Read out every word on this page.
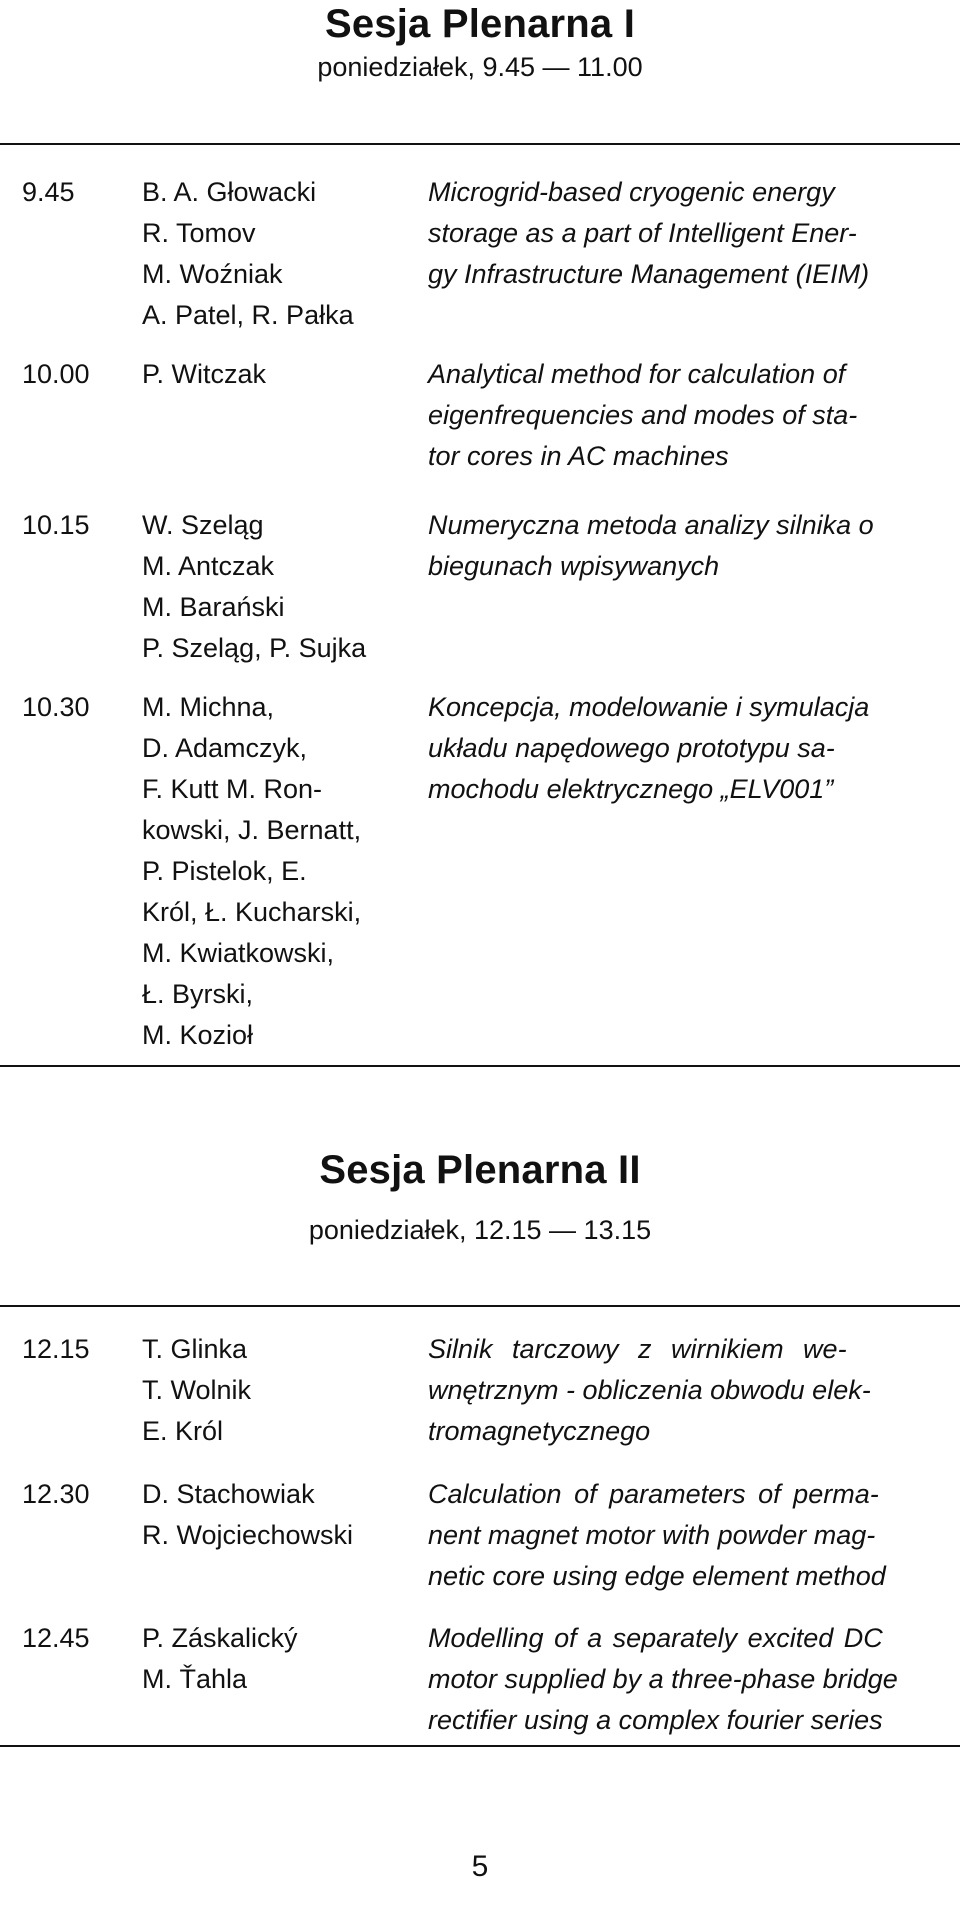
Sesja Plenarna I
poniedziałek, 9.45 — 11.00
9.45 B. A. Głowacki
R. Tomov
M. Woźniak
A. Patel, R. Pałka
Microgrid-based cryogenic energy
storage as a part of Intelligent Ener-
gy Infrastructure Management (IEIM)
10.00 P. Witczak	Analytical method for calculation of
eigenfrequencies and modes of sta-
tor cores in AC machines
10.15 W. Szeląg
M. Antczak
M. Barański
P. Szeląg, P. Sujka
Numeryczna metoda analizy silnika o
biegunach wpisywanych
10.30 M. Michna,
D. Adamczyk,
F. Kutt M. Ron-
kowski, J. Bernatt,
P. Pistelok, E.
Król, Ł. Kucharski,
M. Kwiatkowski,
Ł. Byrski,
M. Kozioł
Koncepcja, modelowanie i symulacja
układu napędowego prototypu sa-
mochodu elektrycznego „ELV001”
Sesja Plenarna II
poniedziałek, 12.15 — 13.15
12.15 T. Glinka
T. Wolnik
E. Król
Silnik tarczowy z wirnikiem we-
wnętrznym - obliczenia obwodu elek-
tromagnetycznego
12.30 D. Stachowiak
R. Wojciechowski
Calculation of parameters of perma-
nent magnet motor with powder mag-
netic core using edge element method
12.45 P. Záskalický
M. Ťahla
Modelling of a separately excited DC
motor supplied by a three-phase bridge
rectifier using a complex fourier series
5
